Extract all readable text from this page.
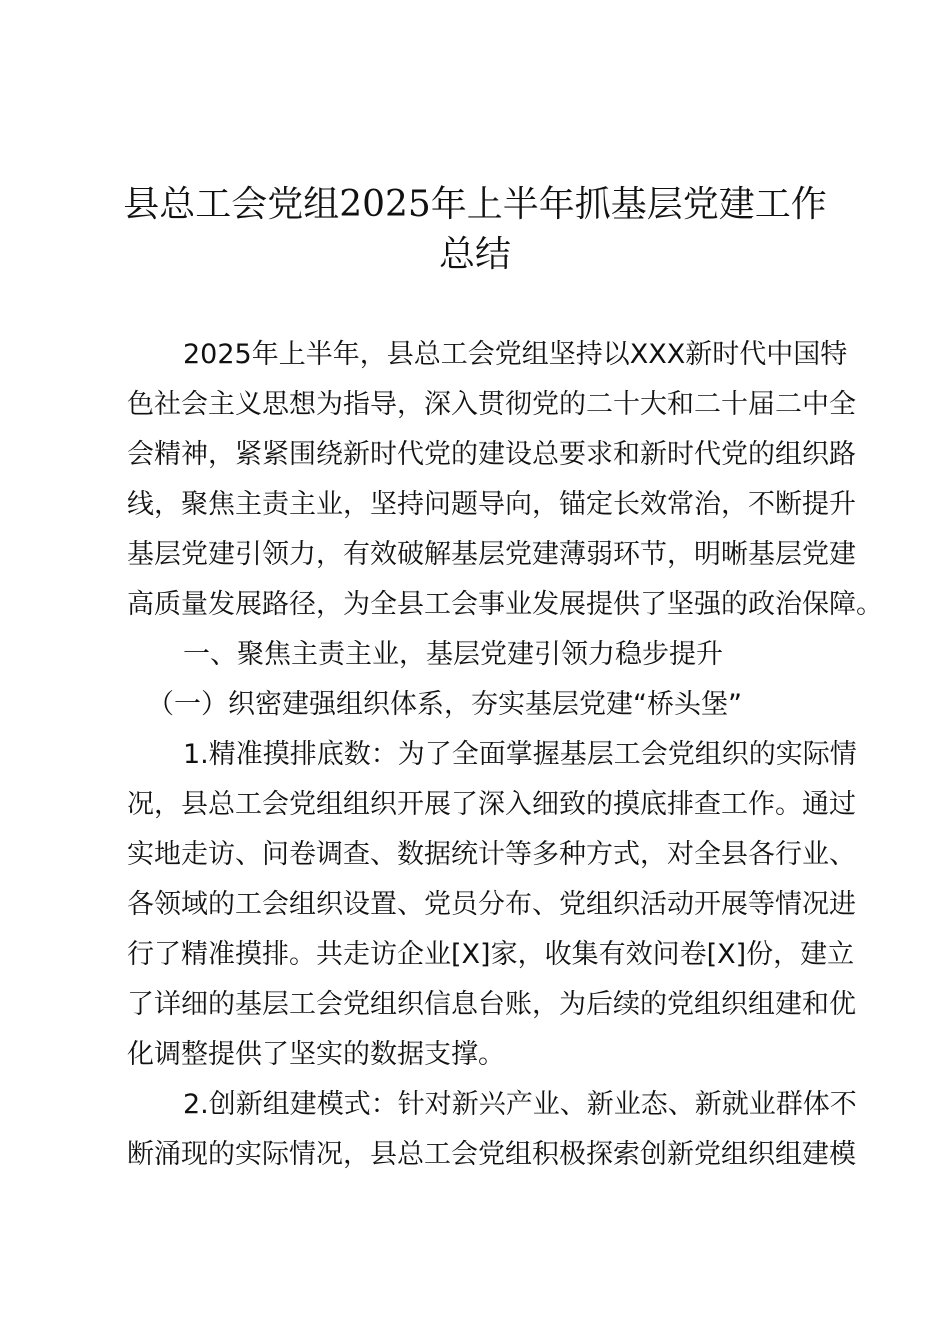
县总工会党组2025年上半年抓基层党建工作
总结
2025年上半年，县总工会党组坚持以XXX新时代中国特
色社会主义思想为指导，深入贯彻党的二十大和二十届二中全
会精神，紧紧围绕新时代党的建设总要求和新时代党的组织路
线，聚焦主责主业，坚持问题导向，锚定长效常治，不断提升
基层党建引领力，有效破解基层党建薄弱环节，明晰基层党建
高质量发展路径，为全县工会事业发展提供了坚强的政治保障。
一、聚焦主责主业，基层党建引领力稳步提升
（一）织密建强组织体系，夯实基层党建“桥头堡”
1.精准摸排底数：为了全面掌握基层工会党组织的实际情
况，县总工会党组组织开展了深入细致的摸底排查工作。通过
实地走访、问卷调查、数据统计等多种方式，对全县各行业、
各领域的工会组织设置、党员分布、党组织活动开展等情况进
行了精准摸排。共走访企业[X]家，收集有效问卷[X]份，建立
了详细的基层工会党组织信息台账，为后续的党组织组建和优
化调整提供了坚实的数据支撑。
2.创新组建模式：针对新兴产业、新业态、新就业群体不
断涌现的实际情况，县总工会党组积极探索创新党组织组建模
